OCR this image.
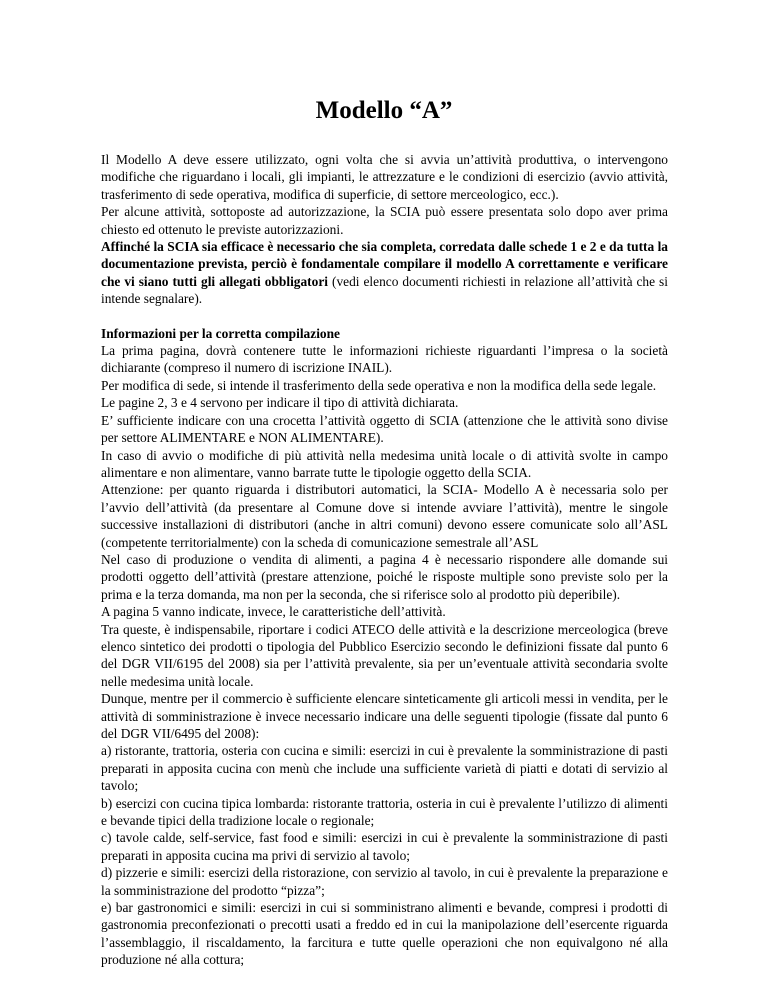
Modello “A”

Il Modello A deve essere utilizzato, ogni volta che si avvia un’attività produttiva, o intervengono modifiche che riguardano i locali, gli impianti, le attrezzature e le condizioni di esercizio (avvio attività, trasferimento di sede operativa, modifica di superficie, di settore merceologico, ecc.).

Per alcune attività, sottoposte ad autorizzazione, la SCIA può essere presentata solo dopo aver prima chiesto ed ottenuto le previste autorizzazioni.

Affinché la SCIA sia efficace è necessario che sia completa, corredata dalle schede 1 e 2 e da tutta la documentazione prevista, perciò è fondamentale compilare il modello A correttamente e verificare che vi siano tutti gli allegati obbligatori (vedi elenco documenti richiesti in relazione all’attività che si intende segnalare).

Informazioni per la corretta compilazione

La prima pagina, dovrà contenere tutte le informazioni richieste riguardanti l’impresa o la società dichiarante (compreso il numero di iscrizione INAIL).

Per modifica di sede, si intende il trasferimento della sede operativa e non la modifica della sede legale.

Le pagine 2, 3 e 4 servono per indicare il tipo di attività dichiarata.

E’ sufficiente indicare con una crocetta l’attività oggetto di SCIA (attenzione che le attività sono divise per settore ALIMENTARE e NON ALIMENTARE).

In caso di avvio o modifiche di più attività nella medesima unità locale o di attività svolte in campo alimentare e non alimentare, vanno barrate tutte le tipologie oggetto della SCIA.

Attenzione: per quanto riguarda i distributori automatici, la SCIA- Modello A è necessaria solo per l’avvio dell’attività (da presentare al Comune dove si intende avviare l’attività), mentre le singole successive installazioni di distributori (anche in altri comuni) devono essere comunicate solo all’ASL (competente territorialmente) con la scheda di comunicazione semestrale all’ASL

Nel caso di produzione o vendita di alimenti, a pagina 4 è necessario rispondere alle domande sui prodotti oggetto dell’attività (prestare attenzione, poiché le risposte multiple sono previste solo per la prima e la terza domanda, ma non per la seconda, che si riferisce solo al prodotto più deperibile).

A pagina 5 vanno indicate, invece, le caratteristiche dell’attività.

Tra queste, è indispensabile, riportare i codici ATECO delle attività e la descrizione merceologica (breve elenco sintetico dei prodotti o tipologia del Pubblico Esercizio secondo le definizioni fissate dal punto 6 del DGR VII/6195 del 2008) sia per l’attività prevalente, sia per un’eventuale attività secondaria svolte nelle medesima unità locale.

Dunque, mentre per il commercio è sufficiente elencare sinteticamente gli articoli messi in vendita, per le attività di somministrazione è invece necessario indicare una delle seguenti tipologie (fissate dal punto 6 del DGR VII/6495 del 2008):

a) ristorante, trattoria, osteria con cucina e simili: esercizi in cui è prevalente la somministrazione di pasti preparati in apposita cucina con menù che include una sufficiente varietà di piatti e dotati di servizio al tavolo;

b) esercizi con cucina tipica lombarda: ristorante trattoria, osteria in cui è prevalente l’utilizzo di alimenti e bevande tipici della tradizione locale o regionale;

c) tavole calde, self-service, fast food e simili: esercizi in cui è prevalente la somministrazione di pasti preparati in apposita cucina ma privi di servizio al tavolo;

d) pizzerie e simili: esercizi della ristorazione, con servizio al tavolo, in cui è prevalente la preparazione e la somministrazione del prodotto “pizza”;

e) bar gastronomici e simili: esercizi in cui si somministrano alimenti e bevande, compresi i prodotti di gastronomia preconfezionati o precotti usati a freddo ed in cui la manipolazione dell’esercente riguarda l’assemblaggio, il riscaldamento, la farcitura e tutte quelle operazioni che non equivalgono né alla produzione né alla cottura;
